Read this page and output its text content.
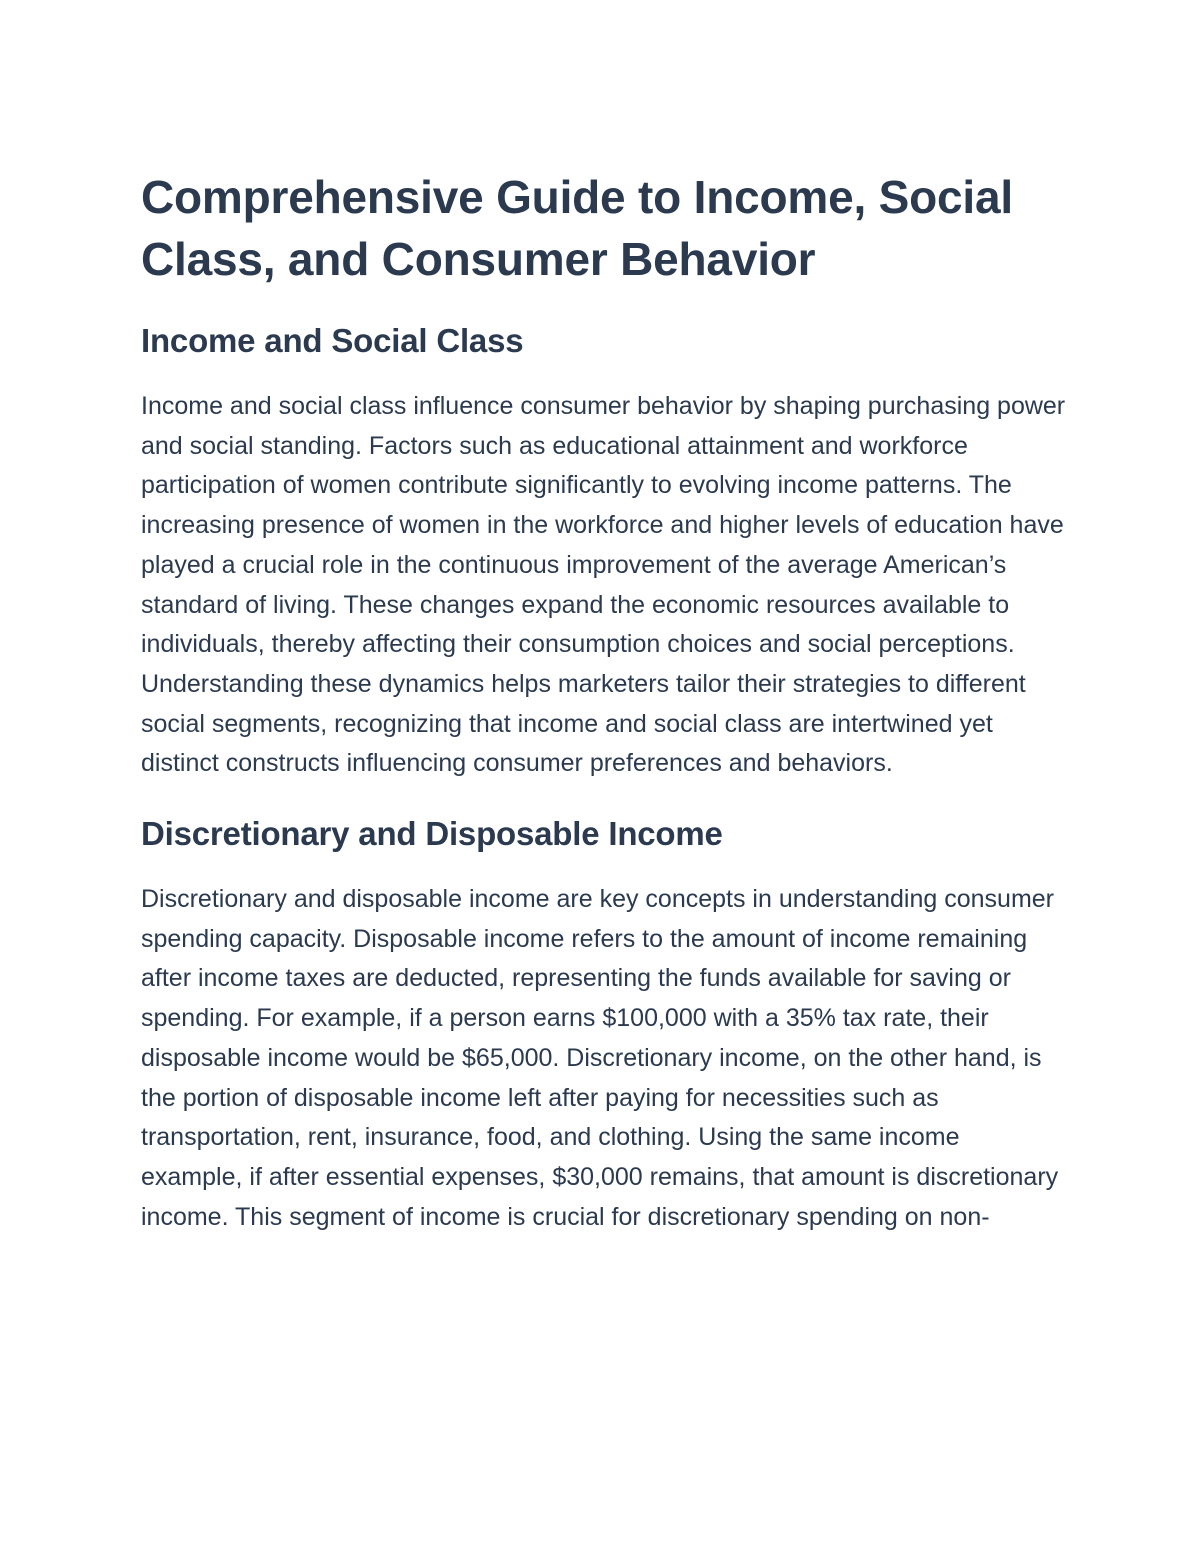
Comprehensive Guide to Income, Social Class, and Consumer Behavior
Income and Social Class

Income and social class influence consumer behavior by shaping purchasing power and social standing. Factors such as educational attainment and workforce participation of women contribute significantly to evolving income patterns. The increasing presence of women in the workforce and higher levels of education have played a crucial role in the continuous improvement of the average American’s standard of living. These changes expand the economic resources available to individuals, thereby affecting their consumption choices and social perceptions. Understanding these dynamics helps marketers tailor their strategies to different social segments, recognizing that income and social class are intertwined yet distinct constructs influencing consumer preferences and behaviors.

Discretionary and Disposable Income

Discretionary and disposable income are key concepts in understanding consumer spending capacity. Disposable income refers to the amount of income remaining after income taxes are deducted, representing the funds available for saving or spending. For example, if a person earns $100,000 with a 35% tax rate, their disposable income would be $65,000. Discretionary income, on the other hand, is the portion of disposable income left after paying for necessities such as transportation, rent, insurance, food, and clothing. Using the same income example, if after essential expenses, $30,000 remains, that amount is discretionary income. This segment of income is crucial for discretionary spending on non-
